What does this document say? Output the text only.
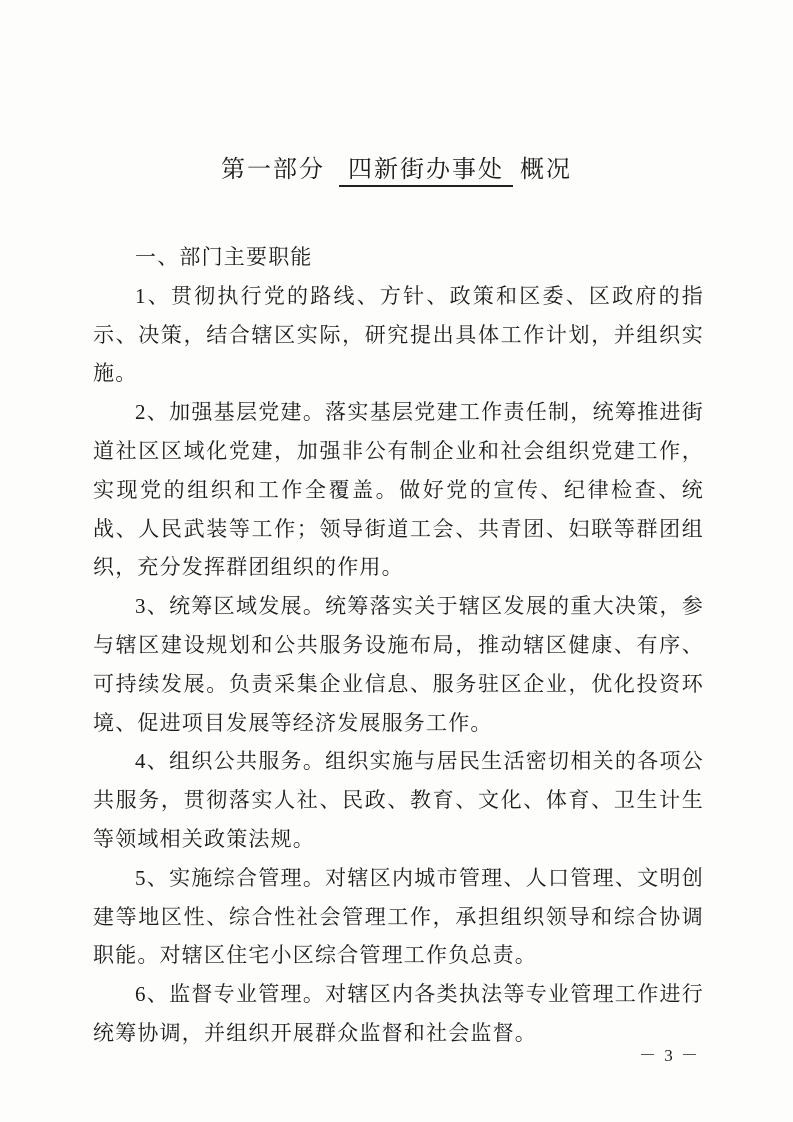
第一部分 四新街办事处 概况
一、部门主要职能

1、贯彻执行党的路线、方针、政策和区委、区政府的指示、决策，结合辖区实际，研究提出具体工作计划，并组织实施。

2、加强基层党建。落实基层党建工作责任制，统筹推进街道社区区域化党建，加强非公有制企业和社会组织党建工作，实现党的组织和工作全覆盖。做好党的宣传、纪律检查、统战、人民武装等工作；领导街道工会、共青团、妇联等群团组织，充分发挥群团组织的作用。

3、统筹区域发展。统筹落实关于辖区发展的重大决策，参与辖区建设规划和公共服务设施布局，推动辖区健康、有序、可持续发展。负责采集企业信息、服务驻区企业，优化投资环境、促进项目发展等经济发展服务工作。

4、组织公共服务。组织实施与居民生活密切相关的各项公共服务，贯彻落实人社、民政、教育、文化、体育、卫生计生等领域相关政策法规。

5、实施综合管理。对辖区内城市管理、人口管理、文明创建等地区性、综合性社会管理工作，承担组织领导和综合协调职能。对辖区住宅小区综合管理工作负总责。

6、监督专业管理。对辖区内各类执法等专业管理工作进行统筹协调，并组织开展群众监督和社会监督。

－ 3 －
